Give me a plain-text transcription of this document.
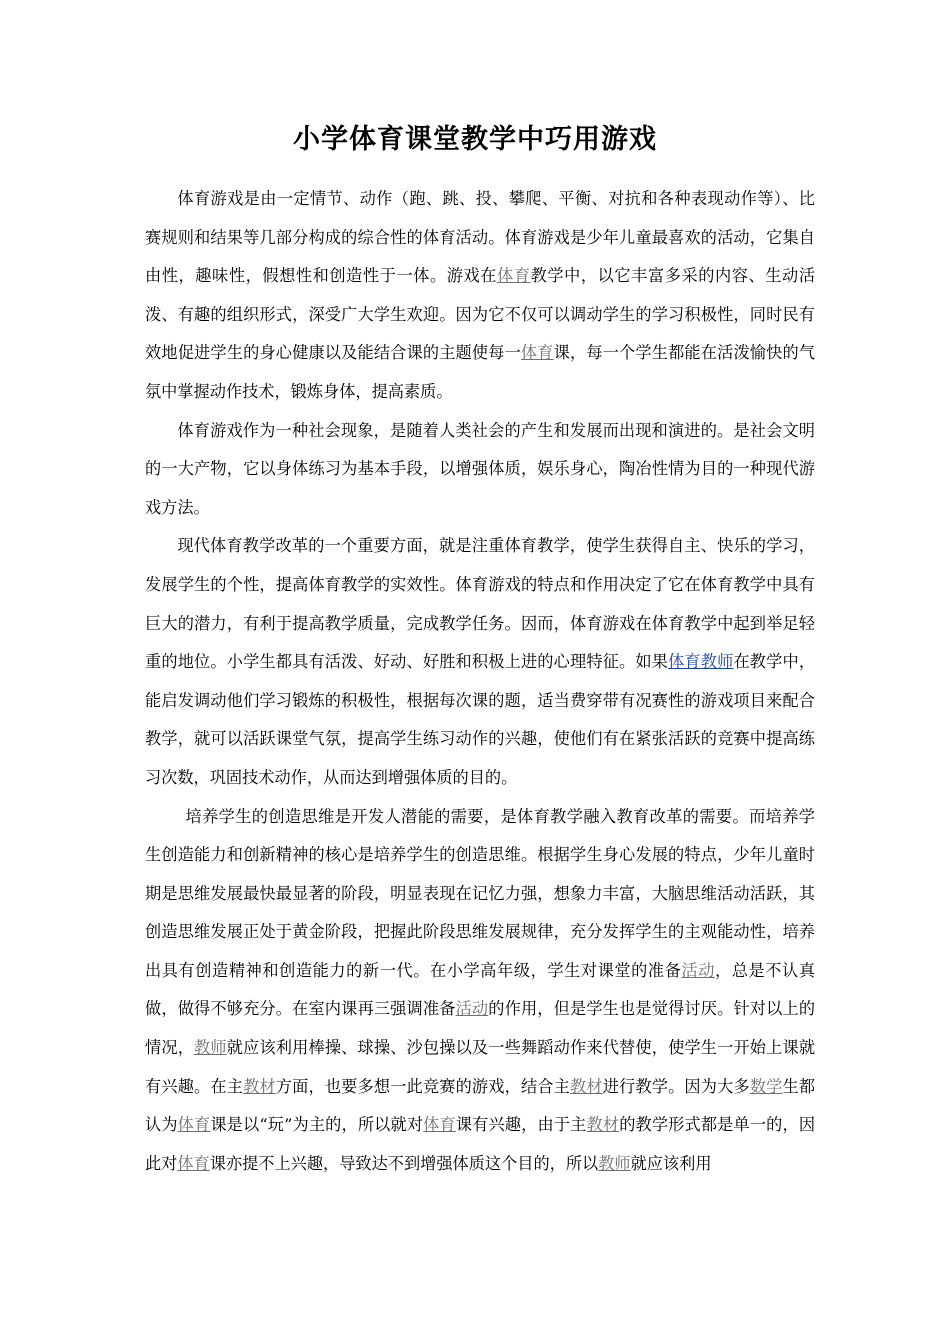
小学体育课堂教学中巧用游戏

体育游戏是由一定情节、动作（跑、跳、投、攀爬、平衡、对抗和各种表现动作等）、比赛规则和结果等几部分构成的综合性的体育活动。体育游戏是少年儿童最喜欢的活动，它集自由性，趣味性，假想性和创造性于一体。游戏在体育教学中，以它丰富多采的内容、生动活泼、有趣的组织形式，深受广大学生欢迎。因为它不仅可以调动学生的学习积极性，同时民有效地促进学生的身心健康以及能结合课的主题使每一体育课，每一个学生都能在活泼愉快的气氛中掌握动作技术，锻炼身体，提高素质。

体育游戏作为一种社会现象，是随着人类社会的产生和发展而出现和演进的。是社会文明的一大产物，它以身体练习为基本手段，以增强体质，娱乐身心，陶冶性情为目的一种现代游戏方法。

现代体育教学改革的一个重要方面，就是注重体育教学，使学生获得自主、快乐的学习，发展学生的个性，提高体育教学的实效性。体育游戏的特点和作用决定了它在体育教学中具有巨大的潜力，有利于提高教学质量，完成教学任务。因而，体育游戏在体育教学中起到举足轻重的地位。小学生都具有活泼、好动、好胜和积极上进的心理特征。如果体育教师在教学中，能启发调动他们学习锻炼的积极性，根据每次课的题，适当费穿带有况赛性的游戏项目来配合教学，就可以活跃课堂气氛，提高学生练习动作的兴趣，使他们有在紧张活跃的竞赛中提高练习次数，巩固技术动作，从而达到增强体质的目的。

培养学生的创造思维是开发人潜能的需要，是体育教学融入教育改革的需要。而培养学生创造能力和创新精神的核心是培养学生的创造思维。根据学生身心发展的特点，少年儿童时期是思维发展最快最显著的阶段，明显表现在记忆力强，想象力丰富，大脑思维活动活跃，其创造思维发展正处于黄金阶段，把握此阶段思维发展规律，充分发挥学生的主观能动性，培养出具有创造精神和创造能力的新一代。在小学高年级，学生对课堂的准备活动，总是不认真做，做得不够充分。在室内课再三强调准备活动的作用，但是学生也是觉得讨厌。针对以上的情况，教师就应该利用棒操、球操、沙包操以及一些舞蹈动作来代替使，使学生一开始上课就有兴趣。在主教材方面，也要多想一此竞赛的游戏，结合主教材进行教学。因为大多数学生都认为体育课是以“玩”为主的，所以就对体育课有兴趣，由于主教材的教学形式都是单一的，因此对体育课亦提不上兴趣，导致达不到增强体质这个目的，所以教师就应该利用
